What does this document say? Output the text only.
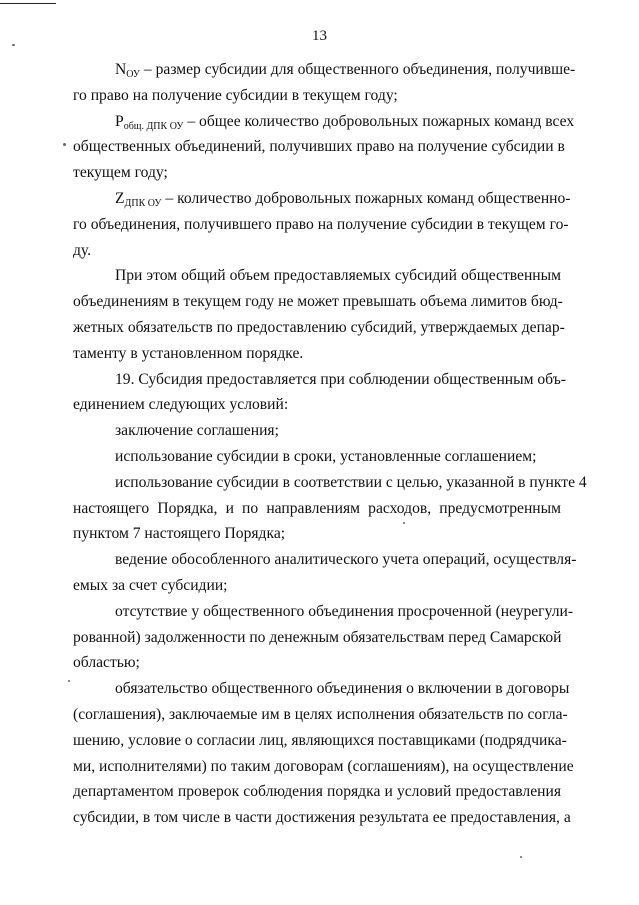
13
$N_{ОУ}$ – размер субсидии для общественного объединения, получивше-
го право на получение субсидии в текущем году;
$Р_{общ. ДПК ОУ}$ – общее количество добровольных пожарных команд всех
общественных объединений, получивших право на получение субсидии в
текущем году;
$Z_{ДПК ОУ}$ – количество добровольных пожарных команд общественно-
го объединения, получившего право на получение субсидии в текущем го-
ду.
При этом общий объем предоставляемых субсидий общественным
объединениям в текущем году не может превышать объема лимитов бюд-
жетных обязательств по предоставлению субсидий, утверждаемых депар-
таменту в установленном порядке.
19. Субсидия предоставляется при соблюдении общественным объ-
единением следующих условий:
заключение соглашения;
использование субсидии в сроки, установленные соглашением;
использование субсидии в соответствии с целью, указанной в пункте 4
настоящего Порядка, и по направлениям расходов, предусмотренным
пунктом 7 настоящего Порядка;
ведение обособленного аналитического учета операций, осуществля-
емых за счет субсидии;
отсутствие у общественного объединения просроченной (неурегули-
рованной) задолженности по денежным обязательствам перед Самарской
областью;
обязательство общественного объединения о включении в договоры
(соглашения), заключаемые им в целях исполнения обязательств по согла-
шению, условие о согласии лиц, являющихся поставщиками (подрядчика-
ми, исполнителями) по таким договорам (соглашениям), на осуществление
департаментом проверок соблюдения порядка и условий предоставления
субсидии, в том числе в части достижения результата ее предоставления, а
